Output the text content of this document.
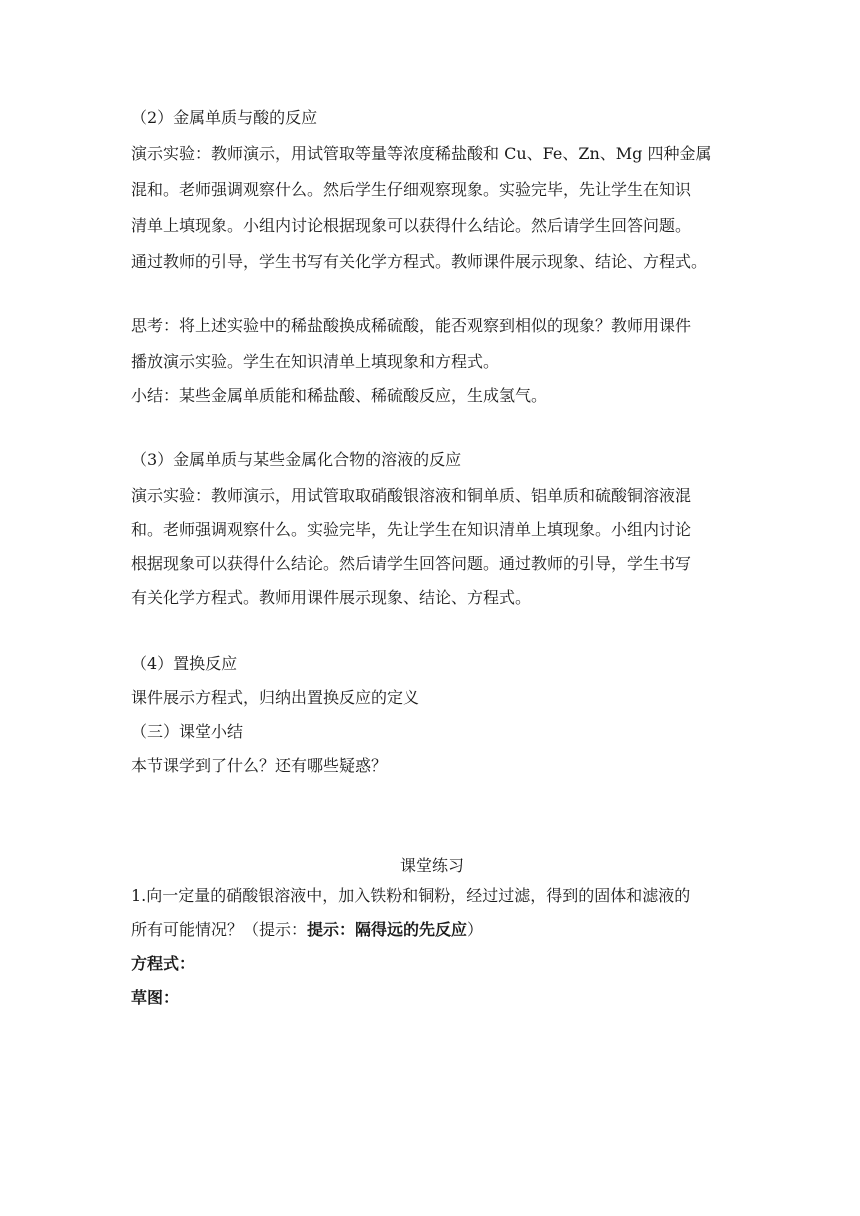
（2）金属单质与酸的反应
演示实验：教师演示，用试管取等量等浓度稀盐酸和 Cu、Fe、Zn、Mg 四种金属
混和。老师强调观察什么。然后学生仔细观察现象。实验完毕，先让学生在知识
清单上填现象。小组内讨论根据现象可以获得什么结论。然后请学生回答问题。
通过教师的引导，学生书写有关化学方程式。教师课件展示现象、结论、方程式。
思考：将上述实验中的稀盐酸换成稀硫酸，能否观察到相似的现象？教师用课件
播放演示实验。学生在知识清单上填现象和方程式。
小结：某些金属单质能和稀盐酸、稀硫酸反应，生成氢气。
（3）金属单质与某些金属化合物的溶液的反应
演示实验：教师演示，用试管取取硝酸银溶液和铜单质、铝单质和硫酸铜溶液混
和。老师强调观察什么。实验完毕，先让学生在知识清单上填现象。小组内讨论
根据现象可以获得什么结论。然后请学生回答问题。通过教师的引导，学生书写
有关化学方程式。教师用课件展示现象、结论、方程式。
（4）置换反应
课件展示方程式，归纳出置换反应的定义
（三）课堂小结
本节课学到了什么？还有哪些疑惑？
课堂练习
1.向一定量的硝酸银溶液中，加入铁粉和铜粉，经过过滤，得到的固体和滤液的
所有可能情况？（提示：提示：隔得远的先反应）
方程式：
草图：
